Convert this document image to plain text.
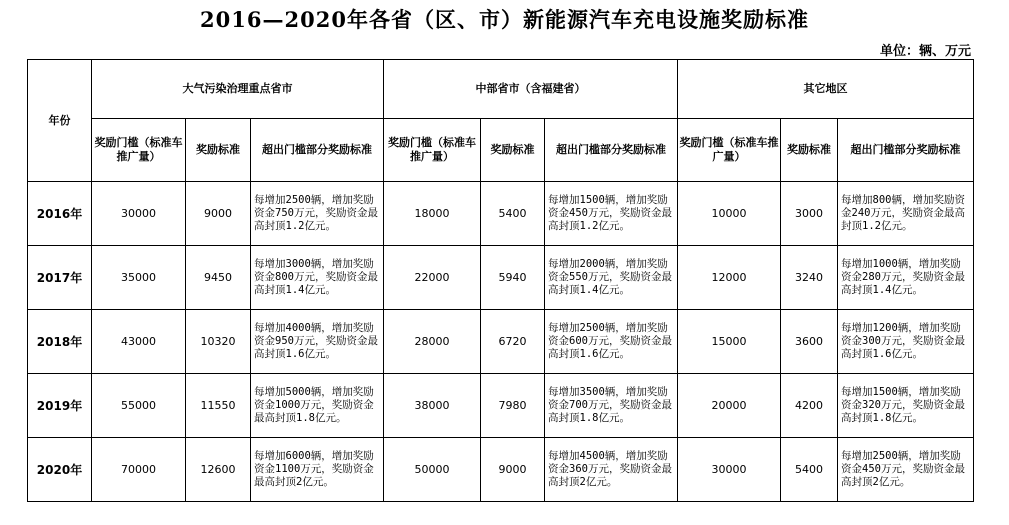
2016—2020年各省（区、市）新能源汽车充电设施奖励标准
单位：辆、万元
年份	大气污染治理重点省市			中部省市（含福建省）			其它地区		
	奖励门槛（标准车推广量）	奖励标准	超出门槛部分奖励标准	奖励门槛（标准车推广量）	奖励标准	超出门槛部分奖励标准	奖励门槛（标准车推广量）	奖励标准	超出门槛部分奖励标准
2016年	30000	9000	每增加2500辆，增加奖励资金750万元，奖励资金最高封顶1.2亿元。	18000	5400	每增加1500辆，增加奖励资金450万元，奖励资金最高封顶1.2亿元。	10000	3000	每增加800辆，增加奖励资金240万元，奖励资金最高封顶1.2亿元。
2017年	35000	9450	每增加3000辆，增加奖励资金800万元，奖励资金最高封顶1.4亿元。	22000	5940	每增加2000辆，增加奖励资金550万元，奖励资金最高封顶1.4亿元。	12000	3240	每增加1000辆，增加奖励资金280万元，奖励资金最高封顶1.4亿元。
2018年	43000	10320	每增加4000辆，增加奖励资金950万元，奖励资金最高封顶1.6亿元。	28000	6720	每增加2500辆，增加奖励资金600万元，奖励资金最高封顶1.6亿元。	15000	3600	每增加1200辆，增加奖励资金300万元，奖励资金最高封顶1.6亿元。
2019年	55000	11550	每增加5000辆，增加奖励资金1000万元，奖励资金最高封顶1.8亿元。	38000	7980	每增加3500辆，增加奖励资金700万元，奖励资金最高封顶1.8亿元。	20000	4200	每增加1500辆，增加奖励资金320万元，奖励资金最高封顶1.8亿元。
2020年	70000	12600	每增加6000辆，增加奖励资金1100万元，奖励资金最高封顶2亿元。	50000	9000	每增加4500辆，增加奖励资金360万元，奖励资金最高封顶2亿元。	30000	5400	每增加2500辆，增加奖励资金450万元，奖励资金最高封顶2亿元。
